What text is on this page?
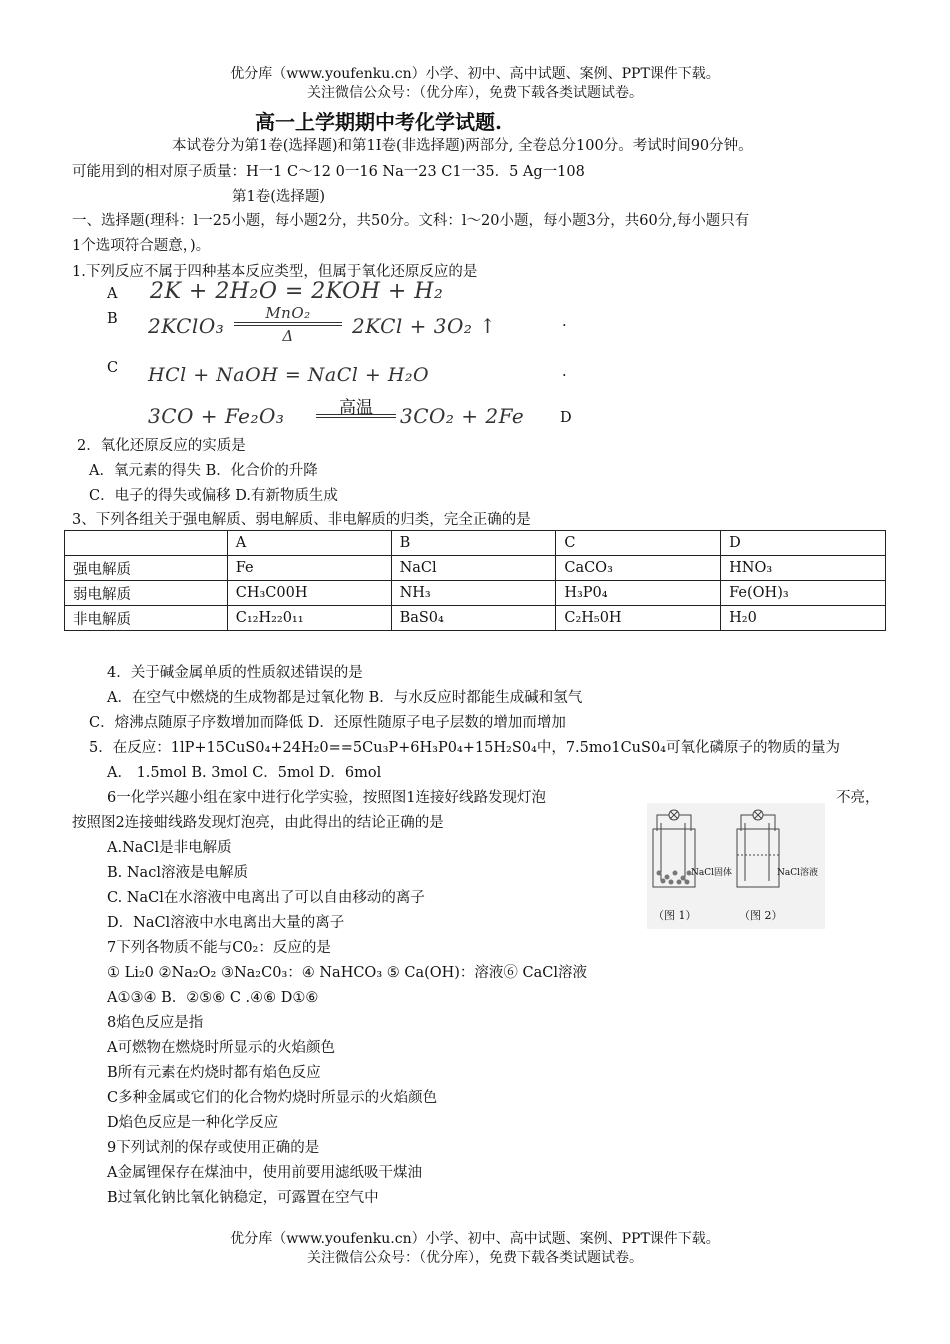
优分库（www.youfenku.cn）小学、初中、高中试题、案例、PPT课件下载。
关注微信公众号：（优分库），免费下载各类试题试卷。
高一上学期期中考化学试题.
本试卷分为第1卷(选择题)和第1I卷(非选择题)两部分, 全卷总分100分。考试时间90分钟。
可能用到的相对原子质量：H一1 C～12 0一16 Na一23 C1一35．5 Ag一108
第1卷(选择题)
一、选择题(理科：l一25小题，每小题2分，共50分。文科：l～20小题，每小题3分，共60分,每小题只有
1个选项符合题意，)。
1.下列反应不属于四种基本反应类型，但属于氧化还原反应的是
A 2K + 2H₂O = 2KOH + H₂
B 2KClO₃
MnO₂
Δ	2KCl + 3O₂ ↑	.
C HCl + NaOH = NaCl + H₂O	.
3CO + Fe₂O₃	高温	3CO₂ + 2Fe D
2．氧化还原反应的实质是
A．氧元素的得失 B．化合价的升降
C．电子的得失或偏移 D.有新物质生成
3、下列各组关于强电解质、弱电解质、非电解质的归类，完全正确的是
	A	B	C	D
强电解质	Fe	NaCl	CaCO₃	HNO₃
弱电解质	CH₃C00H	NH₃	H₃P0₄	Fe(OH)₃
非电解质	C₁₂H₂₂0₁₁	BaS0₄	C₂H₅0H	H₂0
4．关于碱金属单质的性质叙述错误的是
A．在空气中燃烧的生成物都是过氧化物 B．与水反应时都能生成碱和氢气
C．熔沸点随原子序数增加而降低 D．还原性随原子电子层数的增加而增加
5．在反应：1lP+15CuS0₄+24H₂0==5Cu₃P+6H₃P0₄+15H₂S0₄中，7.5mo1CuS0₄可氧化磷原子的物质的量为
A． 1.5mol B. 3mol C．5mol D．6mol
6一化学兴趣小组在家中进行化学实验，按照图1连接好线路发现灯泡	不亮，
按照图2连接蚶线路发现灯泡亮，由此得出的结论正确的是
A.NaCl是非电解质
B. Nacl溶液是电解质
C. NaCl在水溶液中电离出了可以自由移动的离子
D．NaCl溶液中水电离出大量的离子
NaCl固体	NaCl溶液
（图 1）	（图 2）
7下列各物质不能与C0₂：反应的是
① Li₂0 ②Na₂O₂ ③Na₂C0₃：④ NaHCO₃ ⑤ Ca(OH)：溶液⑥ CaCl溶液
A①③④ B．②⑤⑥ C .④⑥ D①⑥
8焰色反应是指
A可燃物在燃烧时所显示的火焰颜色
B所有元素在灼烧时都有焰色反应
C多种金属或它们的化合物灼烧时所显示的火焰颜色
D焰色反应是一种化学反应
9下列试剂的保存或使用正确的是
A金属锂保存在煤油中，使用前要用滤纸吸干煤油
B过氧化钠比氧化钠稳定，可露置在空气中
优分库（www.youfenku.cn）小学、初中、高中试题、案例、PPT课件下载。
关注微信公众号：（优分库），免费下载各类试题试卷。
